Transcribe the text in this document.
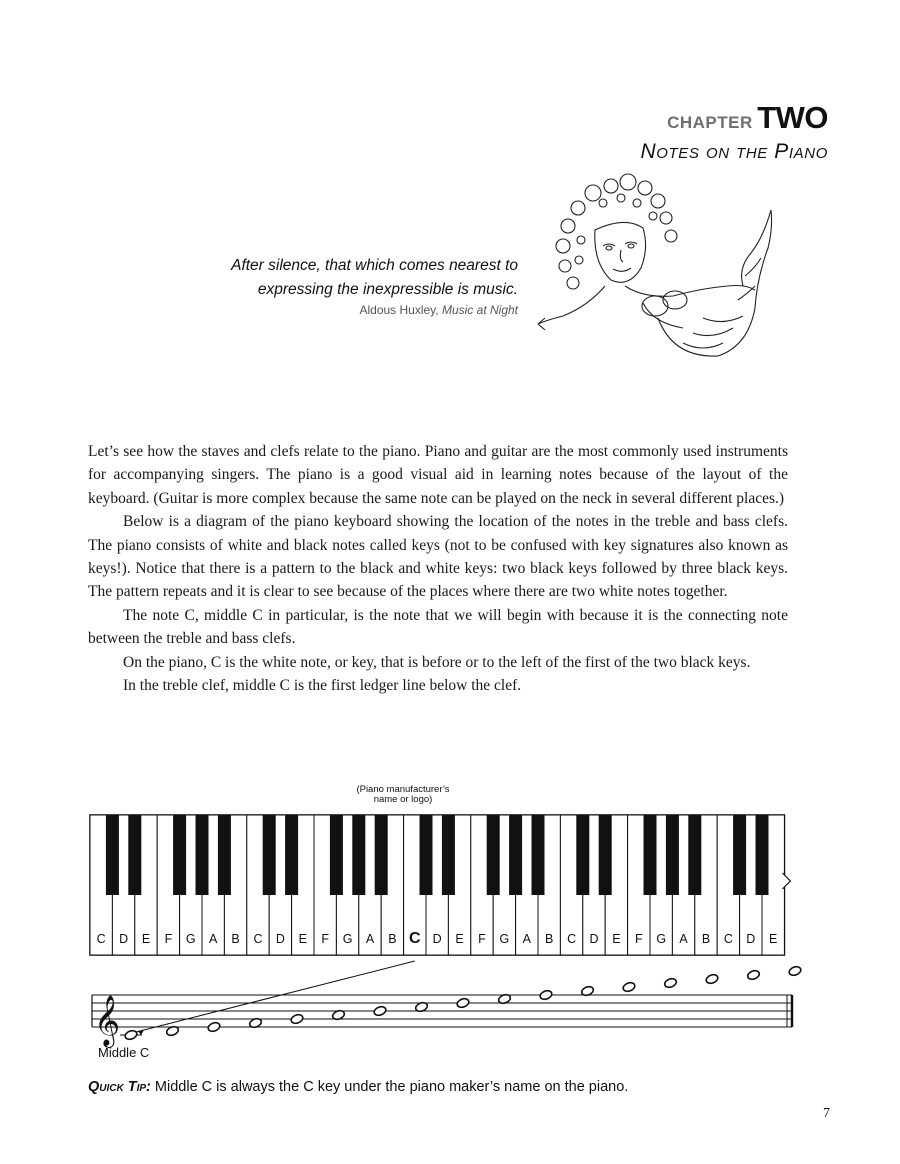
CHAPTER TWO
Notes on the Piano
After silence, that which comes nearest to
expressing the inexpressible is music.
Aldous Huxley, Music at Night

Let’s see how the staves and clefs relate to the piano. Piano and guitar are the most commonly used instruments for accompanying singers. The piano is a good visual aid in learning notes because of the layout of the keyboard. (Guitar is more complex because the same note can be played on the neck in several different places.)

Below is a diagram of the piano keyboard showing the location of the notes in the treble and bass clefs. The piano consists of white and black notes called keys (not to be confused with key signatures also known as keys!). Notice that there is a pattern to the black and white keys: two black keys followed by three black keys. The pattern repeats and it is clear to see because of the places where there are two white notes together.

The note C, middle C in particular, is the note that we will begin with because it is the connecting note between the treble and bass clefs.

On the piano, C is the white note, or key, that is before or to the left of the first of the two black keys.

In the treble clef, middle C is the first ledger line below the clef.

(Piano manufacturer’s
name or logo)
C D E F G A B C D E F G A B C D E F G A B C D E F G A B C D E
𝄞
Middle C
Quick Tip: Middle C is always the C key under the piano maker’s name on the piano.
7
